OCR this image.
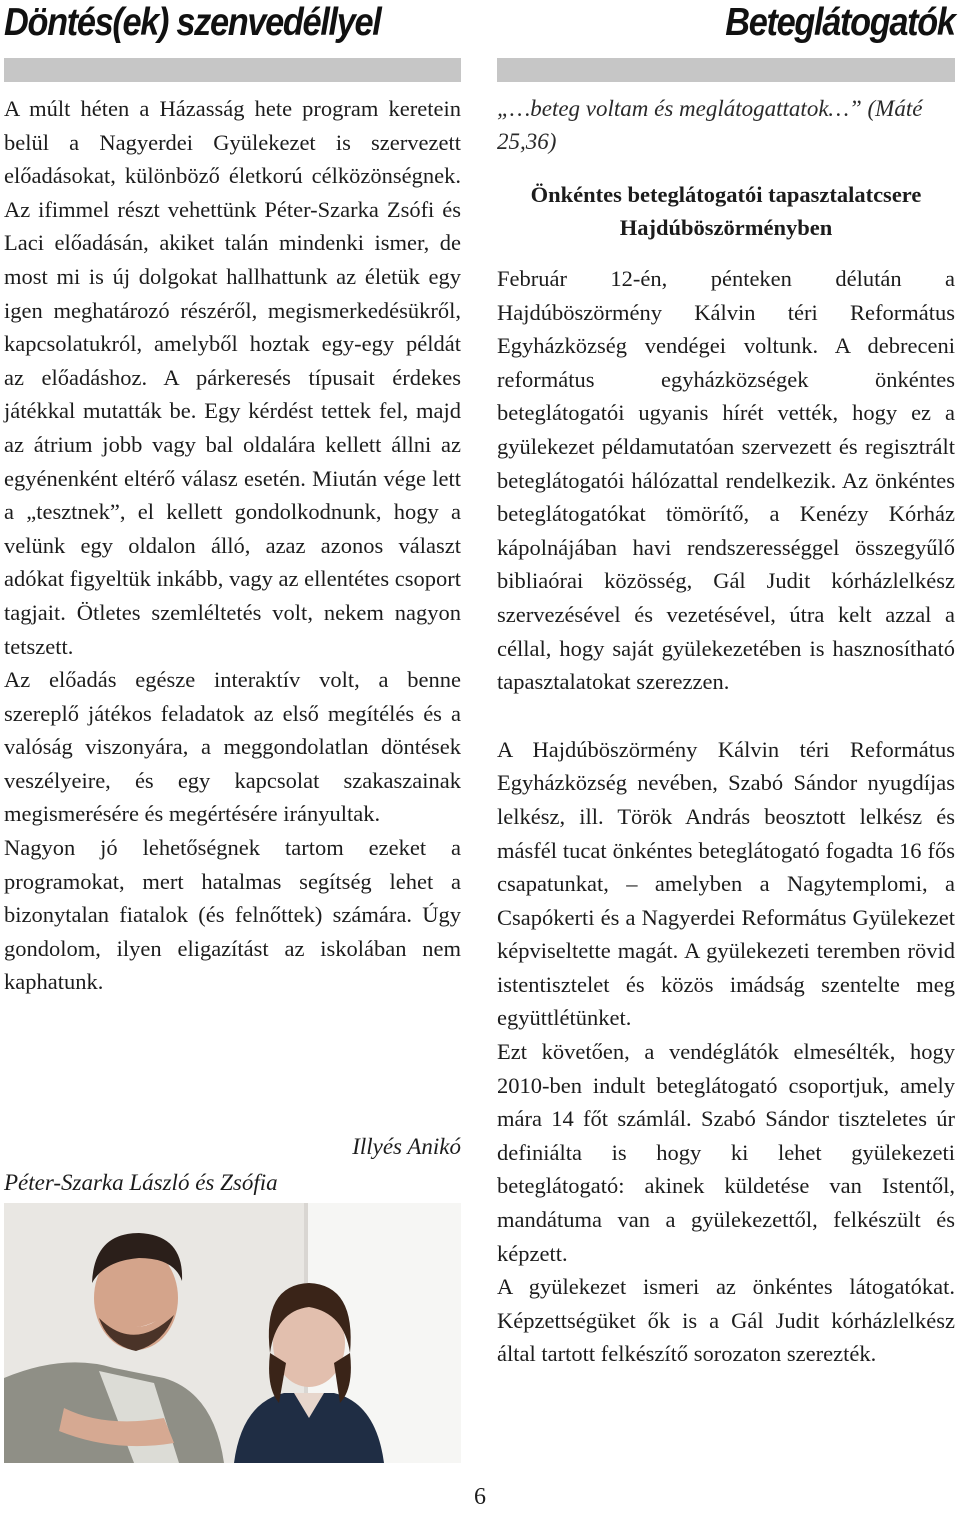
Döntés(ek) szenvedéllyel

A múlt héten a Házasság hete program keretein belül a Nagyerdei Gyülekezet is szervezett előadásokat, különböző életkorú célközönségnek. Az ifimmel részt vehettünk Péter-Szarka Zsófi és Laci előadásán, akiket talán mindenki ismer, de most mi is új dolgokat hallhattunk az életük egy igen meghatározó részéről, megismerkedésükről, kapcsolatukról, amelyből hoztak egy-egy példát az előadáshoz. A párkeresés típusait érdekes játékkal mutatták be. Egy kérdést tettek fel, majd az átrium jobb vagy bal oldalára kellett állni az egyénenként eltérő válasz esetén. Miután vége lett a „tesztnek”, el kellett gondolkodnunk, hogy a velünk egy oldalon álló, azaz azonos választ adókat figyeltük inkább, vagy az ellentétes csoport tagjait. Ötletes szemléltetés volt, nekem nagyon tetszett.

Az előadás egésze interaktív volt, a benne szereplő játékos feladatok az első megítélés és a valóság viszonyára, a meggondolatlan döntések veszélyeire, és egy kapcsolat szakaszainak megismerésére és megértésére irányultak.

Nagyon jó lehetőségnek tartom ezeket a programokat, mert hatalmas segítség lehet a bizonytalan fiatalok (és felnőttek) számára. Úgy gondolom, ilyen eligazítást az iskolában nem kaphatunk.

Illyés Anikó

Péter-Szarka László és Zsófia

Beteglátogatók

„…beteg voltam és meglátogattatok…” (Máté 25,36)

Önkéntes beteglátogatói tapasztalatcsere Hajdúböszörményben

Február 12-én, pénteken délután a Hajdúböszörmény Kálvin téri Református Egyházközség vendégei voltunk. A debreceni református egyházközségek önkéntes beteglátogatói ugyanis hírét vették, hogy ez a gyülekezet példamutatóan szervezett és regisztrált beteglátogatói hálózattal rendelkezik. Az önkéntes beteglátogatókat tömörítő, a Kenézy Kórház kápolnájában havi rendszerességgel összegyűlő bibliaórai közösség, Gál Judit kórházlelkész szervezésével és vezetésével, útra kelt azzal a céllal, hogy saját gyülekezetében is hasznosítható tapasztalatokat szerezzen.

A Hajdúböszörmény Kálvin téri Református Egyházközség nevében, Szabó Sándor nyugdíjas lelkész, ill. Török András beosztott lelkész és másfél tucat önkéntes beteglátogató fogadta 16 fős csapatunkat, – amelyben a Nagytemplomi, a Csapókerti és a Nagyerdei Református Gyülekezet képviseltette magát. A gyülekezeti teremben rövid istentisztelet és közös imádság szentelte meg együttlétünket.

Ezt követően, a vendéglátók elmesélték, hogy 2010-ben indult beteglátogató csoportjuk, amely mára 14 főt számlál. Szabó Sándor tiszteletes úr definiálta is hogy ki lehet gyülekezeti beteglátogató: akinek küldetése van Istentől, mandátuma van a gyülekezettől, felkészült és képzett.

A gyülekezet ismeri az önkéntes látogatókat. Képzettségüket ők is a Gál Judit kórházlelkész által tartott felkészítő sorozaton szerezték.

6
